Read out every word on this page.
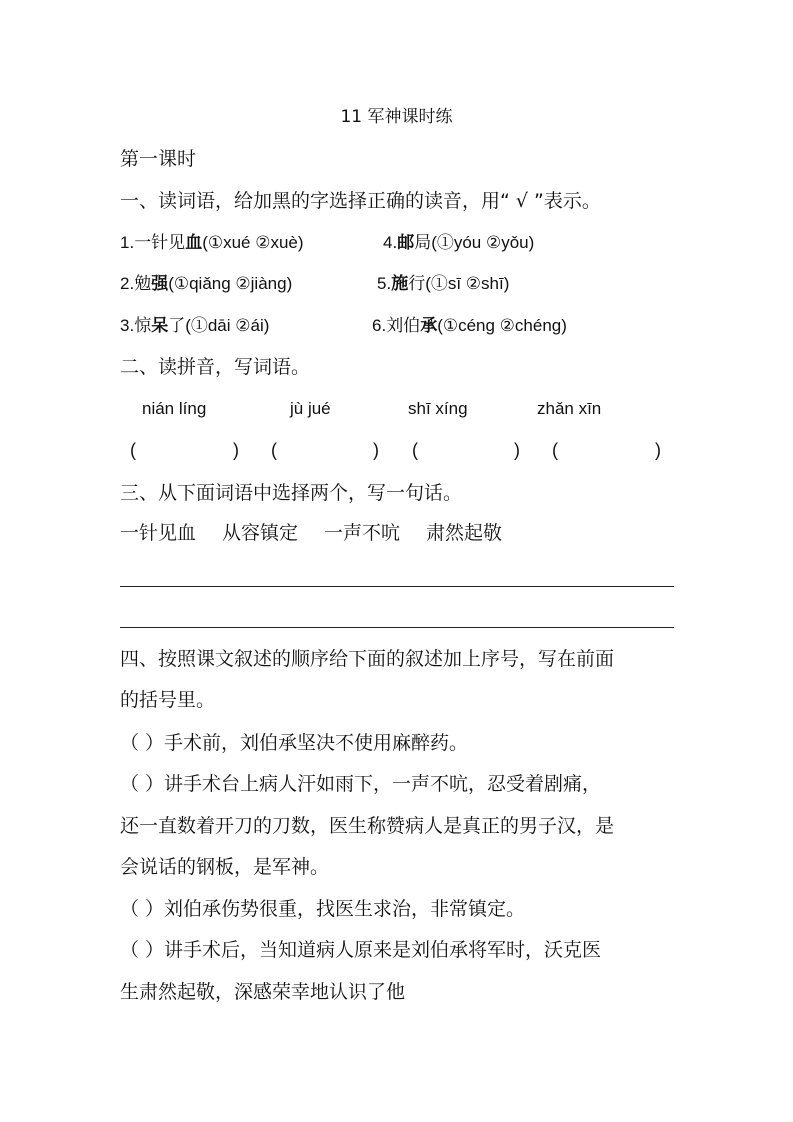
11 军神课时练
第一课时
一、读词语，给加黑的字选择正确的读音，用“ √ ”表示。
1.一针见血(①xué ②xuè)	4.邮局(①yóu ②yǒu)
2.勉强(①qiǎng ②jiàng)	5.施行(①sī ②shī)
3.惊呆了(①dāi ②ái)	6.刘伯承(①céng ②chéng)
二、读拼音，写词语。
nián líng	jù jué	shī xíng	zhǎn xīn
(	) (	) (	) (	)
三、从下面词语中选择两个，写一句话。
一针见血 从容镇定 一声不吭 肃然起敬
四、按照课文叙述的顺序给下面的叙述加上序号，写在前面
的括号里。
（ ）手术前，刘伯承坚决不使用麻醉药。
（ ）讲手术台上病人汗如雨下，一声不吭，忍受着剧痛，
还一直数着开刀的刀数，医生称赞病人是真正的男子汉，是
会说话的钢板，是军神。
（ ）刘伯承伤势很重，找医生求治，非常镇定。
（ ）讲手术后，当知道病人原来是刘伯承将军时，沃克医
生肃然起敬，深感荣幸地认识了他
